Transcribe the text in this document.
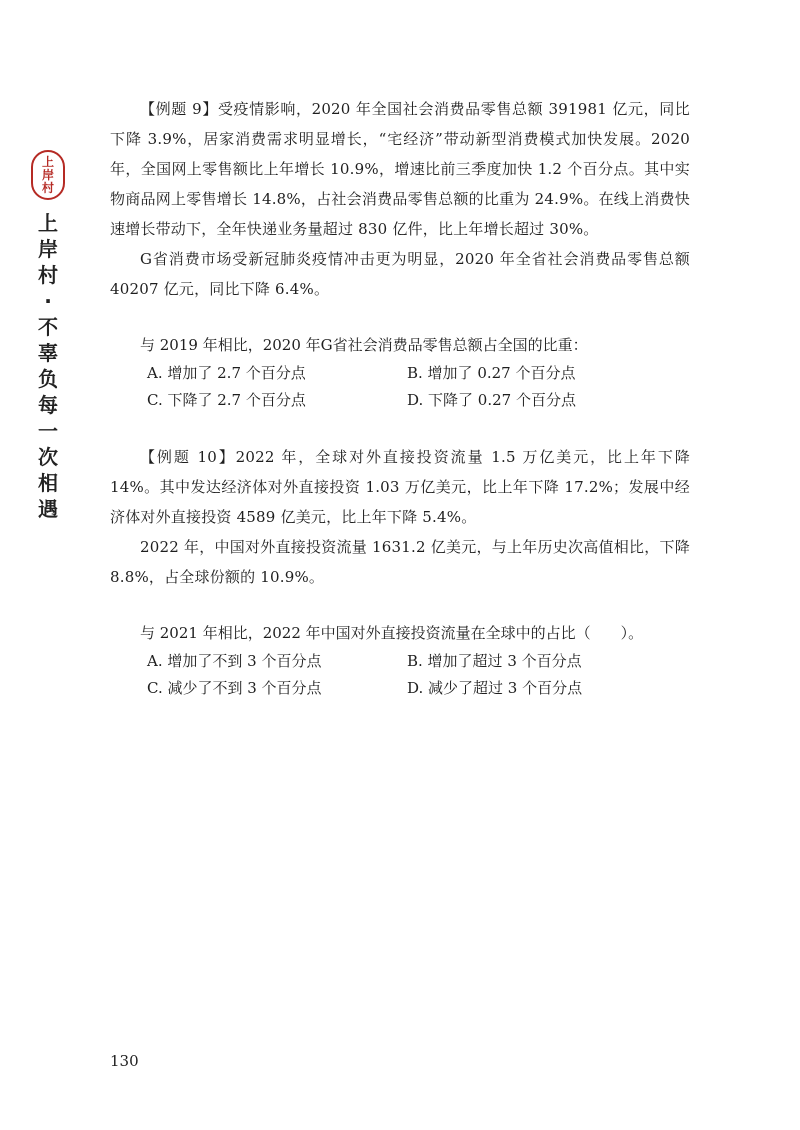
上
岸
村
上
岸
村
·
不
辜
负
每
一
次
相
遇

【例题 9】受疫情影响，2020 年全国社会消费品零售总额 391981 亿元，同比下降 3.9%，居家消费需求明显增长，“宅经济”带动新型消费模式加快发展。2020 年，全国网上零售额比上年增长 10.9%，增速比前三季度加快 1.2 个百分点。其中实物商品网上零售增长 14.8%，占社会消费品零售总额的比重为 24.9%。在线上消费快速增长带动下，全年快递业务量超过 830 亿件，比上年增长超过 30%。

G省消费市场受新冠肺炎疫情冲击更为明显，2020 年全省社会消费品零售总额 40207 亿元，同比下降 6.4%。

与 2019 年相比，2020 年G省社会消费品零售总额占全国的比重：
A. 增加了 2.7 个百分点	B. 增加了 0.27 个百分点
C. 下降了 2.7 个百分点	D. 下降了 0.27 个百分点

【例题 10】2022 年，全球对外直接投资流量 1.5 万亿美元，比上年下降 14%。其中发达经济体对外直接投资 1.03 万亿美元，比上年下降 17.2%；发展中经济体对外直接投资 4589 亿美元，比上年下降 5.4%。

2022 年，中国对外直接投资流量 1631.2 亿美元，与上年历史次高值相比，下降 8.8%，占全球份额的 10.9%。

与 2021 年相比，2022 年中国对外直接投资流量在全球中的占比（　　）。
A. 增加了不到 3 个百分点	B. 增加了超过 3 个百分点
C. 减少了不到 3 个百分点	D. 减少了超过 3 个百分点
130
